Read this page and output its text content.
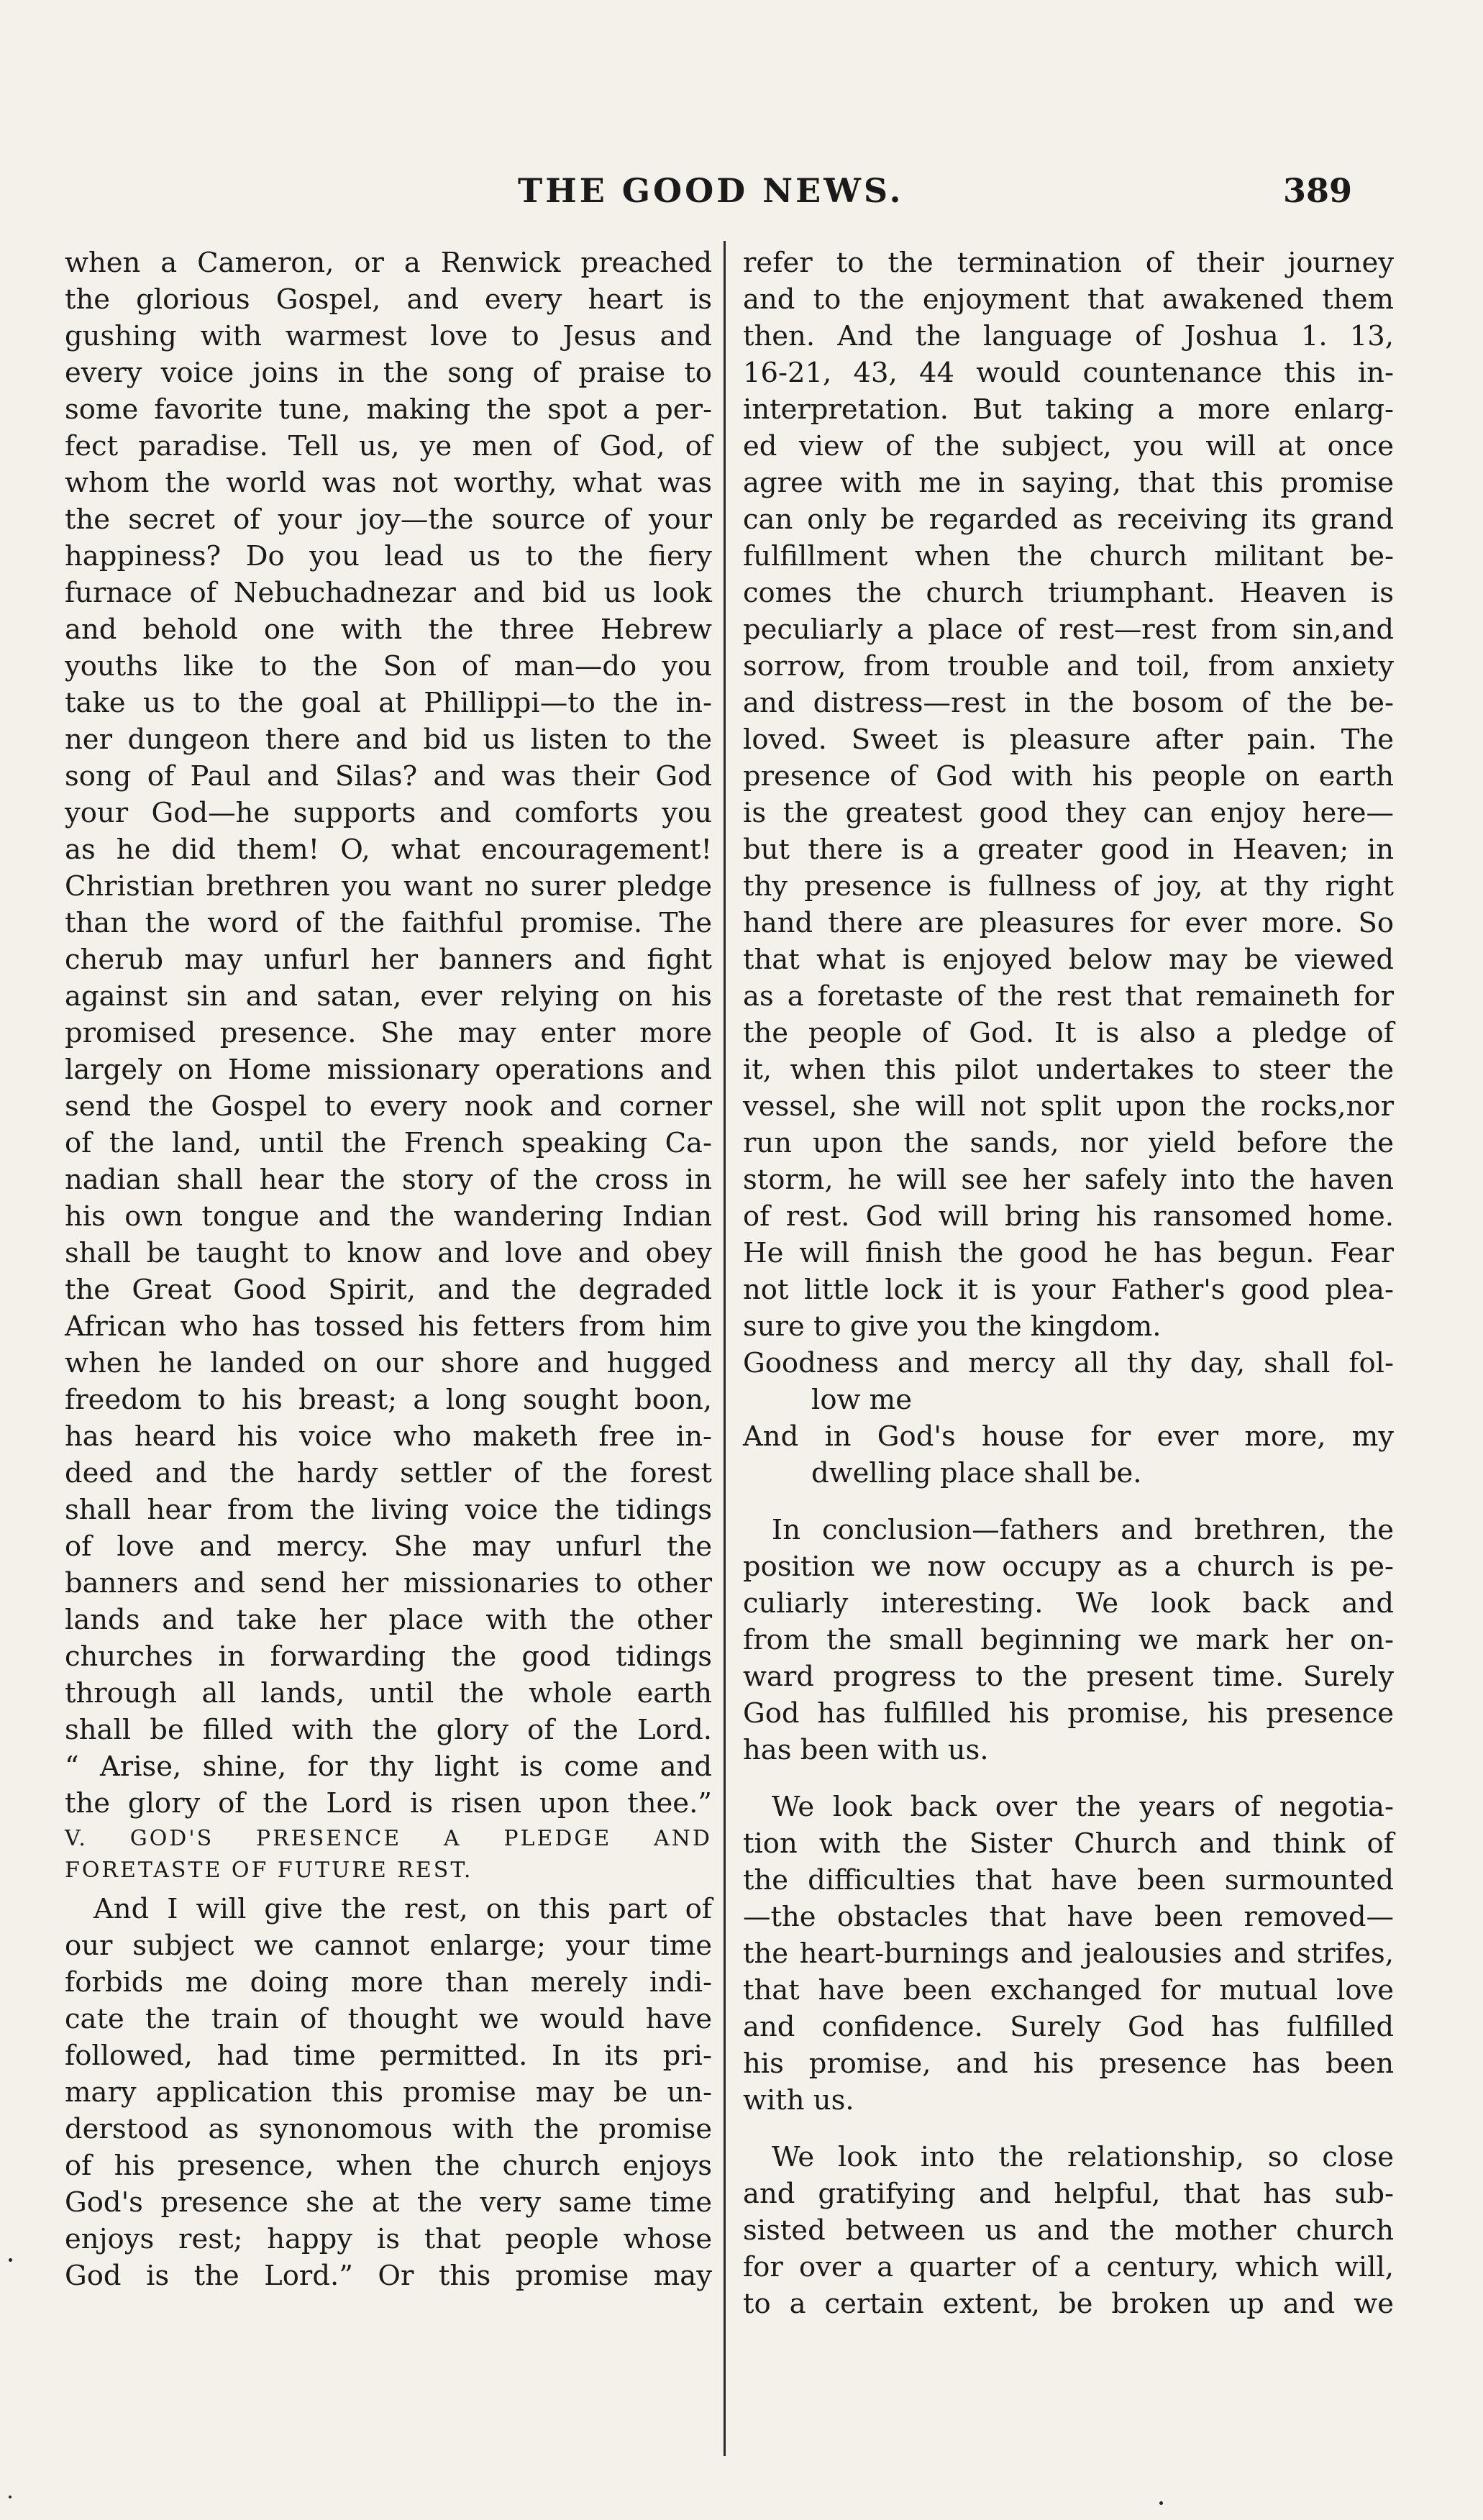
THE GOOD NEWS.	389
when a Cameron, or a Renwick preached
the glorious Gospel, and every heart is
gushing with warmest love to Jesus and
every voice joins in the song of praise to
some favorite tune, making the spot a per-
fect paradise. Tell us, ye men of God, of
whom the world was not worthy, what was
the secret of your joy—the source of your
happiness? Do you lead us to the fiery
furnace of Nebuchadnezar and bid us look
and behold one with the three Hebrew
youths like to the Son of man—do you
take us to the goal at Phillippi—to the in-
ner dungeon there and bid us listen to the
song of Paul and Silas? and was their God
your God—he supports and comforts you
as he did them! O, what encouragement!
Christian brethren you want no surer pledge
than the word of the faithful promise. The
cherub may unfurl her banners and fight
against sin and satan, ever relying on his
promised presence. She may enter more
largely on Home missionary operations and
send the Gospel to every nook and corner
of the land, until the French speaking Ca-
nadian shall hear the story of the cross in
his own tongue and the wandering Indian
shall be taught to know and love and obey
the Great Good Spirit, and the degraded
African who has tossed his fetters from him
when he landed on our shore and hugged
freedom to his breast; a long sought boon,
has heard his voice who maketh free in-
deed and the hardy settler of the forest
shall hear from the living voice the tidings
of love and mercy. She may unfurl the
banners and send her missionaries to other
lands and take her place with the other
churches in forwarding the good tidings
through all lands, until the whole earth
shall be filled with the glory of the Lord.
“ Arise, shine, for thy light is come and
the glory of the Lord is risen upon thee.”
V. GOD'S PRESENCE A PLEDGE AND
FORETASTE OF FUTURE REST.
And I will give the rest, on this part of
our subject we cannot enlarge; your time
forbids me doing more than merely indi-
cate the train of thought we would have
followed, had time permitted. In its pri-
mary application this promise may be un-
derstood as synonomous with the promise
of his presence, when the church enjoys
God's presence she at the very same time
enjoys rest; happy is that people whose
God is the Lord.” Or this promise may
refer to the termination of their journey
and to the enjoyment that awakened them
then. And the language of Joshua 1. 13,
16-21, 43, 44 would countenance this in-
interpretation. But taking a more enlarg-
ed view of the subject, you will at once
agree with me in saying, that this promise
can only be regarded as receiving its grand
fulfillment when the church militant be-
comes the church triumphant. Heaven is
peculiarly a place of rest—rest from sin,and
sorrow, from trouble and toil, from anxiety
and distress—rest in the bosom of the be-
loved. Sweet is pleasure after pain. The
presence of God with his people on earth
is the greatest good they can enjoy here—
but there is a greater good in Heaven; in
thy presence is fullness of joy, at thy right
hand there are pleasures for ever more. So
that what is enjoyed below may be viewed
as a foretaste of the rest that remaineth for
the people of God. It is also a pledge of
it, when this pilot undertakes to steer the
vessel, she will not split upon the rocks,nor
run upon the sands, nor yield before the
storm, he will see her safely into the haven
of rest. God will bring his ransomed home.
He will finish the good he has begun. Fear
not little lock it is your Father's good plea-
sure to give you the kingdom.
Goodness and mercy all thy day, shall fol-
low me
And in God's house for ever more, my
dwelling place shall be.
In conclusion—fathers and brethren, the
position we now occupy as a church is pe-
culiarly interesting. We look back and
from the small beginning we mark her on-
ward progress to the present time. Surely
God has fulfilled his promise, his presence
has been with us.
We look back over the years of negotia-
tion with the Sister Church and think of
the difficulties that have been surmounted
—the obstacles that have been removed—
the heart-burnings and jealousies and strifes,
that have been exchanged for mutual love
and confidence. Surely God has fulfilled
his promise, and his presence has been
with us.
We look into the relationship, so close
and gratifying and helpful, that has sub-
sisted between us and the mother church
for over a quarter of a century, which will,
to a certain extent, be broken up and we
